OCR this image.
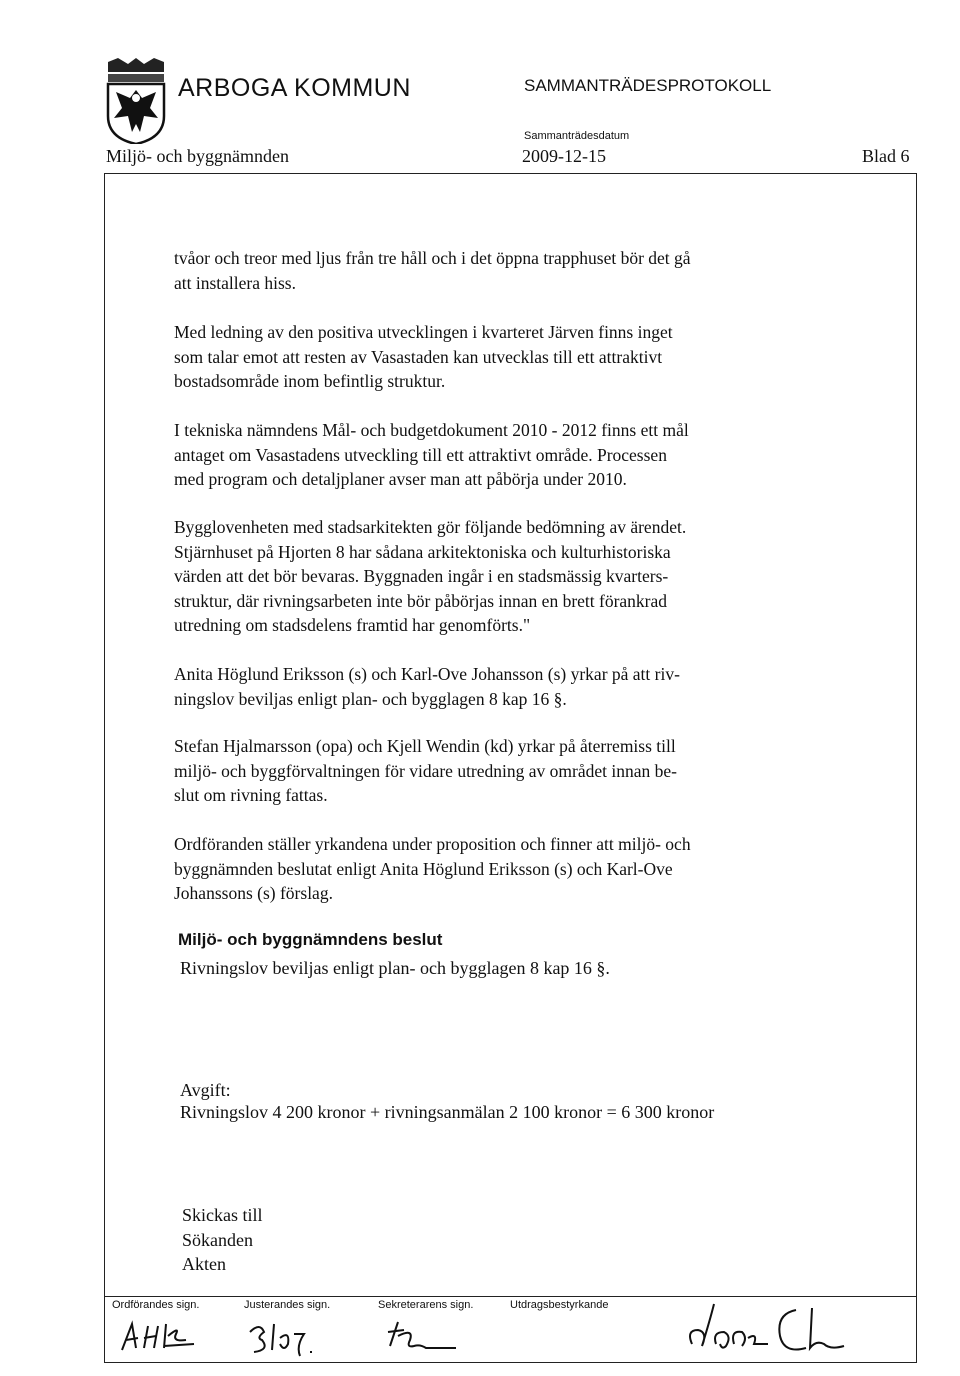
ARBOGA KOMMUN	SAMMANTRÄDESPROTOKOLL
Sammanträdesdatum
Miljö- och byggnämnden	2009-12-15	Blad 6
tvåor och treor med ljus från tre håll och i det öppna trapphuset bör det gå
att installera hiss.
Med ledning av den positiva utvecklingen i kvarteret Järven finns inget
som talar emot att resten av Vasastaden kan utvecklas till ett attraktivt
bostadsområde inom befintlig struktur.
I tekniska nämndens Mål- och budgetdokument 2010 - 2012 finns ett mål
antaget om Vasastadens utveckling till ett attraktivt område. Processen
med program och detaljplaner avser man att påbörja under 2010.
Bygglovenheten med stadsarkitekten gör följande bedömning av ärendet.
Stjärnhuset på Hjorten 8 har sådana arkitektoniska och kulturhistoriska
värden att det bör bevaras. Byggnaden ingår i en stadsmässig kvarters-
struktur, där rivningsarbeten inte bör påbörjas innan en brett förankrad
utredning om stadsdelens framtid har genomförts."
Anita Höglund Eriksson (s) och Karl-Ove Johansson (s) yrkar på att riv-
ningslov beviljas enligt plan- och bygglagen 8 kap 16 §.
Stefan Hjalmarsson (opa) och Kjell Wendin (kd) yrkar på återremiss till
miljö- och byggförvaltningen för vidare utredning av området innan be-
slut om rivning fattas.
Ordföranden ställer yrkandena under proposition och finner att miljö- och
byggnämnden beslutat enligt Anita Höglund Eriksson (s) och Karl-Ove
Johanssons (s) förslag.
Miljö- och byggnämndens beslut
Rivningslov beviljas enligt plan- och bygglagen 8 kap 16 §.
Avgift:
Rivningslov 4 200 kronor + rivningsanmälan 2 100 kronor = 6 300 kronor
Skickas till
Sökanden
Akten
Ordförandes sign.	Justerandes sign.	Sekreterarens sign.	Utdragsbestyrkande
